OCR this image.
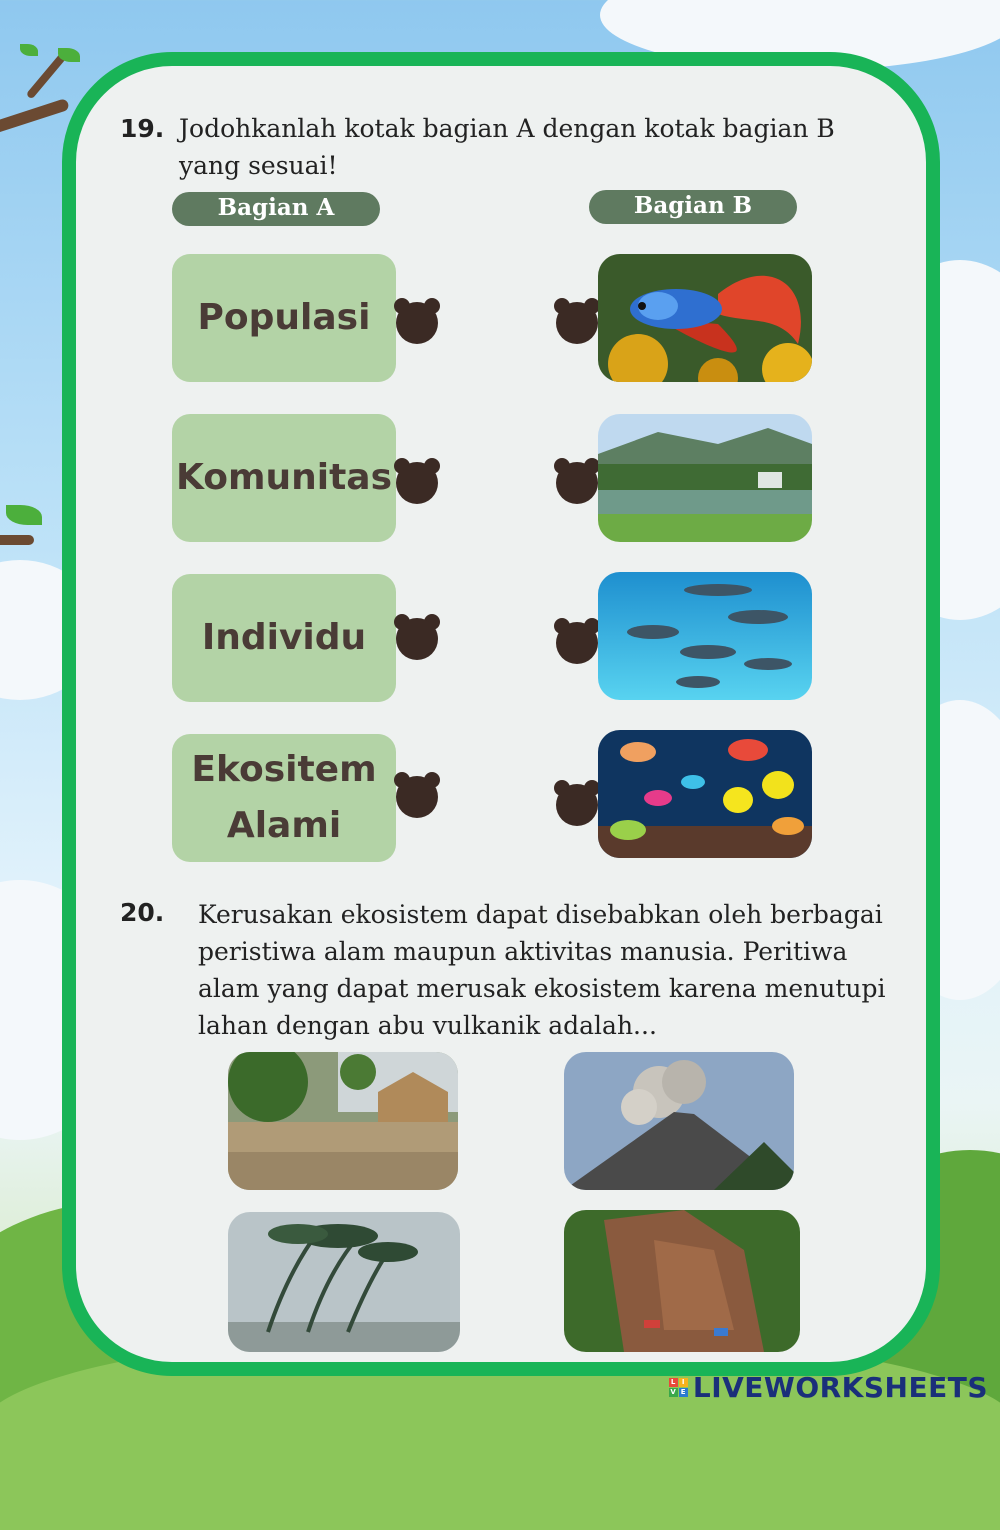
19. Jodohkanlah kotak bagian A dengan kotak bagian B yang sesuai!
Bagian A	Bagian B
Populasi
Komunitas
Individu
Ekositem Alami
20. Kerusakan ekosistem dapat disebabkan oleh berbagai peristiwa alam maupun aktivitas manusia. Peritiwa alam yang dapat merusak ekosistem karena menutupi lahan dengan abu vulkanik adalah...
L I
V E LIVEWORKSHEETS
